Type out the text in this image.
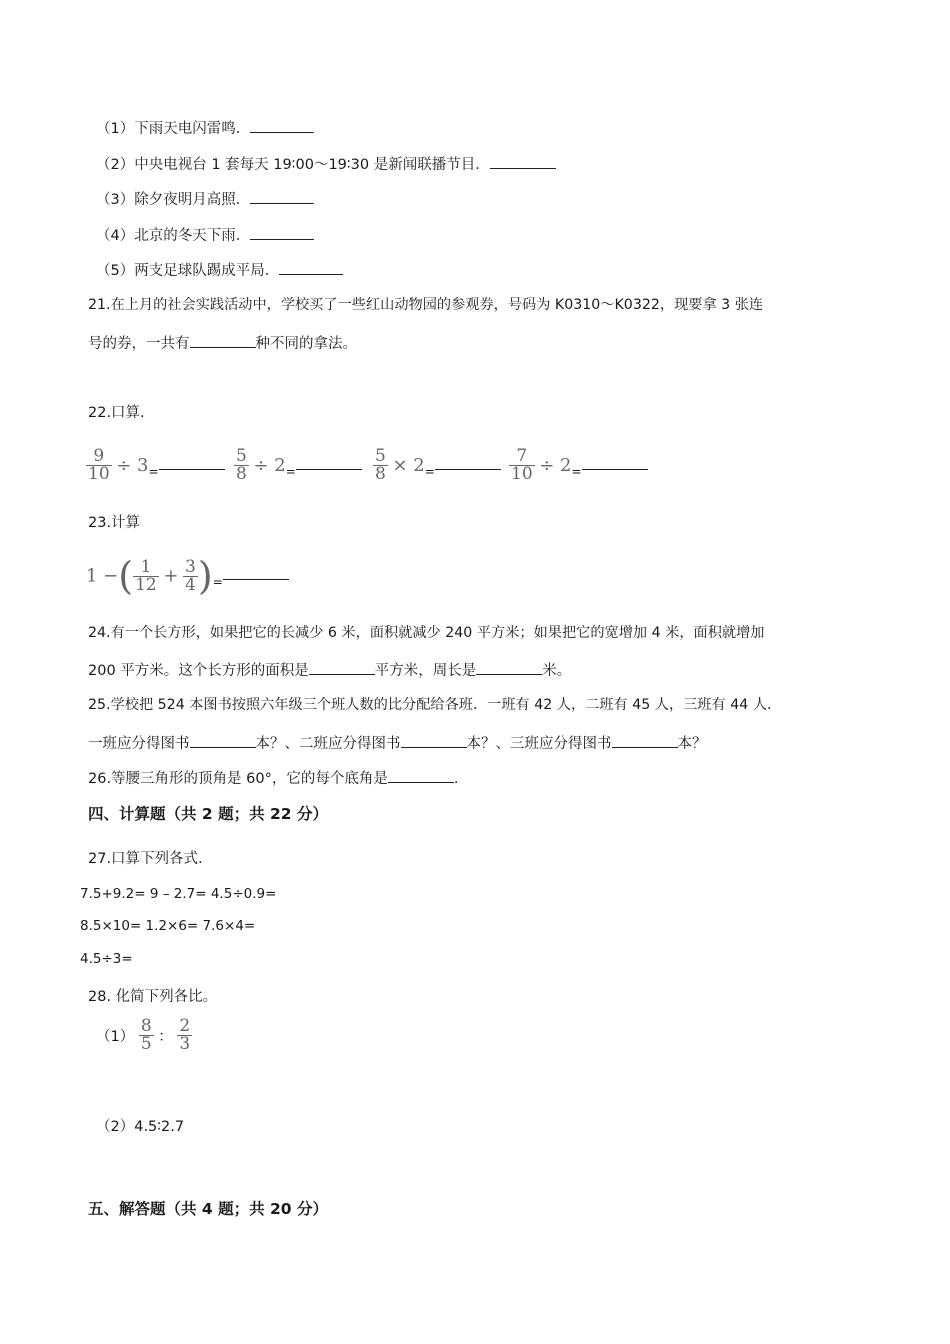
（1）下雨天电闪雷鸣．
（2）中央电视台 1 套每天 19∶00～19∶30 是新闻联播节目．
（3）除夕夜明月高照．
（4）北京的冬天下雨．
（5）两支足球队踢成平局．
21.在上月的社会实践活动中，学校买了一些红山动物园的参观券，号码为 K0310～K0322，现要拿 3 张连
号的券，一共有	种不同的拿法。
22.口算.
$\frac{9}{10} \div 3_=$	$\frac{5}{8} \div 2_=$	$\frac{5}{8} \times 2_=$	$\frac{7}{10} \div 2_=$
23.计算
1 −( $\frac{1}{12} + \frac{3}{4} )_=$
24.有一个长方形，如果把它的长减少 6 米，面积就减少 240 平方米；如果把它的宽增加 4 米，面积就增加
200 平方米。这个长方形的面积是	平方米，周长是	米。
25.学校把 524 本图书按照六年级三个班人数的比分配给各班．一班有 42 人，二班有 45 人，三班有 44 人．
一班应分得图书	本？、二班应分得图书	本？、三班应分得图书	本？
26.等腰三角形的顶角是 60°，它的每个底角是	.
四、计算题（共 2 题；共 22 分）
27.口算下列各式.
7.5+9.2= 9 – 2.7= 4.5÷0.9=
8.5×10= 1.2×6= 7.6×4=
4.5÷3=
28. 化简下列各比。
$(1) \frac{8}{5}$ ： $\frac{2}{3}$
（2）4.5∶2.7
五、解答题（共 4 题；共 20 分）
